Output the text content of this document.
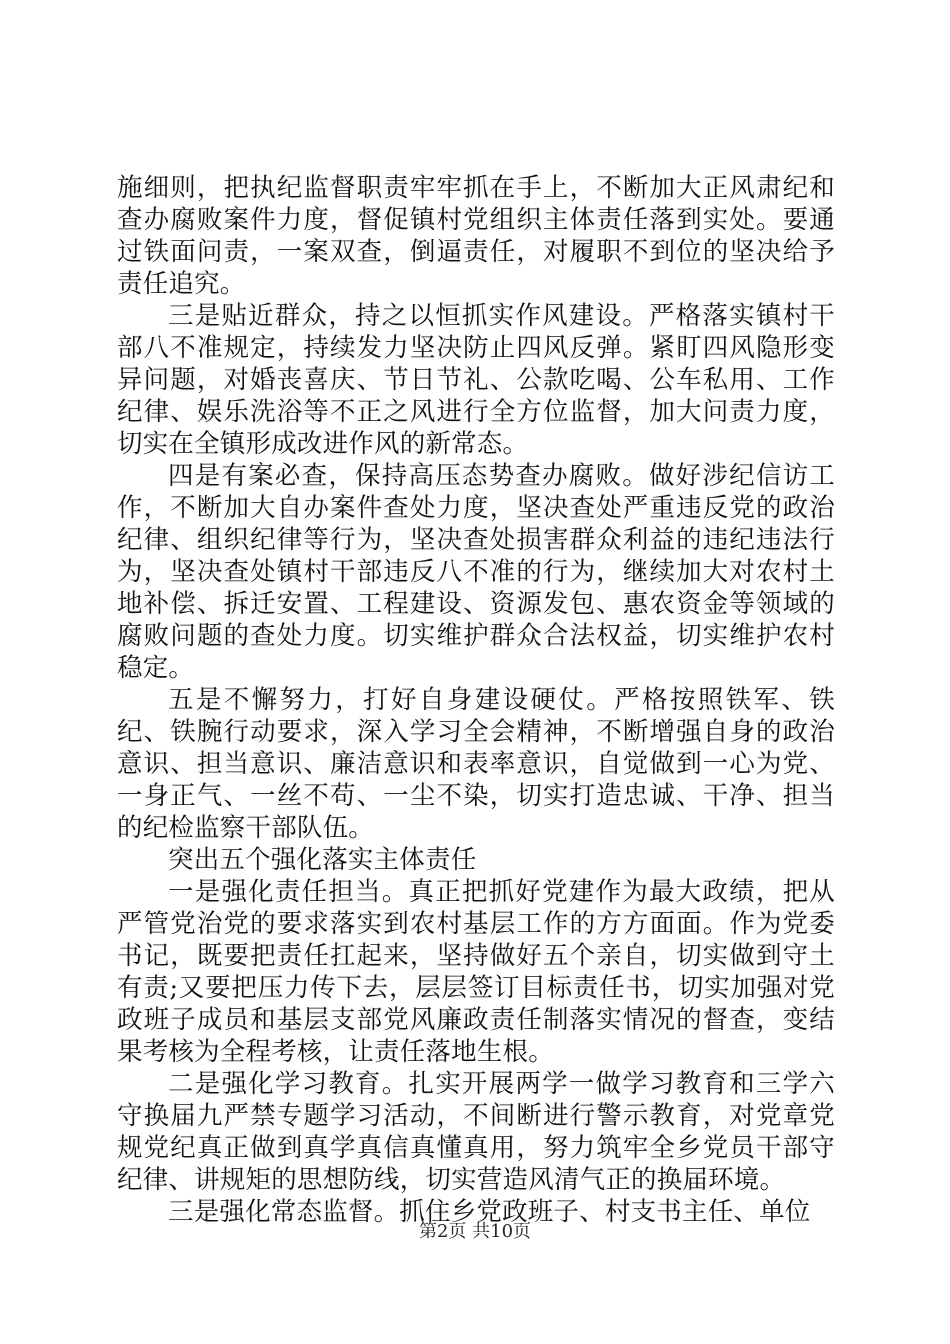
施细则，把执纪监督职责牢牢抓在手上，不断加大正风肃纪和查办腐败案件力度，督促镇村党组织主体责任落到实处。要通过铁面问责，一案双查，倒逼责任，对履职不到位的坚决给予责任追究。

三是贴近群众，持之以恒抓实作风建设。严格落实镇村干部八不准规定，持续发力坚决防止四风反弹。紧盯四风隐形变异问题，对婚丧喜庆、节日节礼、公款吃喝、公车私用、工作纪律、娱乐洗浴等不正之风进行全方位监督，加大问责力度，切实在全镇形成改进作风的新常态。

四是有案必查，保持高压态势查办腐败。做好涉纪信访工作，不断加大自办案件查处力度，坚决查处严重违反党的政治纪律、组织纪律等行为，坚决查处损害群众利益的违纪违法行为，坚决查处镇村干部违反八不准的行为，继续加大对农村土地补偿、拆迁安置、工程建设、资源发包、惠农资金等领域的腐败问题的查处力度。切实维护群众合法权益，切实维护农村稳定。

五是不懈努力，打好自身建设硬仗。严格按照铁军、铁纪、铁腕行动要求，深入学习全会精神，不断增强自身的政治意识、担当意识、廉洁意识和表率意识，自觉做到一心为党、一身正气、一丝不苟、一尘不染，切实打造忠诚、干净、担当的纪检监察干部队伍。

突出五个强化落实主体责任

一是强化责任担当。真正把抓好党建作为最大政绩，把从严管党治党的要求落实到农村基层工作的方方面面。作为党委书记，既要把责任扛起来，坚持做好五个亲自，切实做到守土有责;又要把压力传下去，层层签订目标责任书，切实加强对党政班子成员和基层支部党风廉政责任制落实情况的督查，变结果考核为全程考核，让责任落地生根。

二是强化学习教育。扎实开展两学一做学习教育和三学六守换届九严禁专题学习活动，不间断进行警示教育，对党章党规党纪真正做到真学真信真懂真用，努力筑牢全乡党员干部守纪律、讲规矩的思想防线，切实营造风清气正的换届环境。

三是强化常态监督。抓住乡党政班子、村支书主任、单位

第2页 共10页
